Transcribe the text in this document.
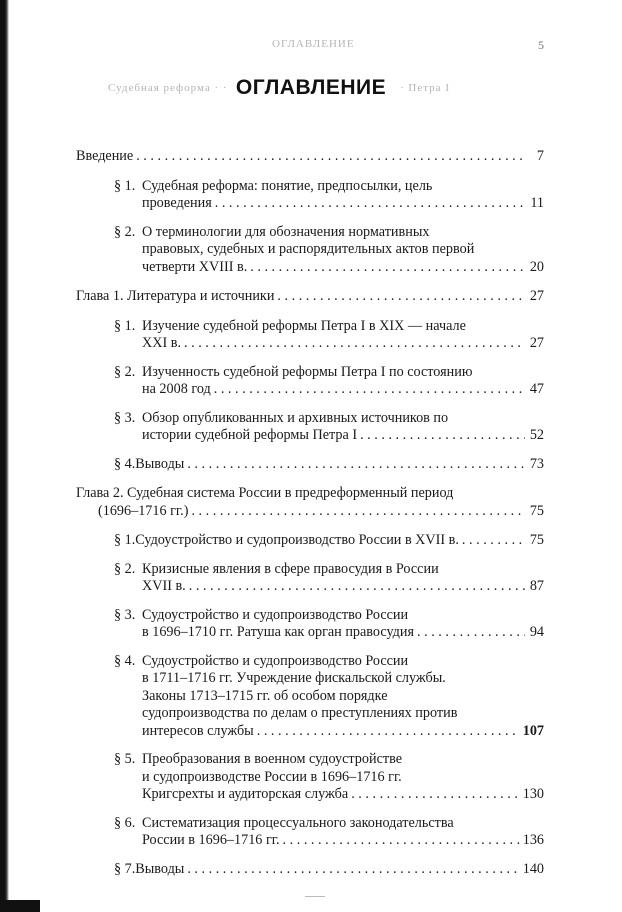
ОГЛАВЛЕНИЕ	5
Судебная реформа · ·	· Петра I
ОГЛАВЛЕНИЕ
Введение . . .	7
§ 1. Судебная реформа: понятие, предпосылки, цель
проведения . . .	11
§ 2. О терминологии для обозначения нормативных
правовых, судебных и распорядительных актов первой
четверти XVIII в. . . .	20
Глава 1. Литература и источники . . .	27
§ 1. Изучение судебной реформы Петра I в XIX — начале
XXI в. . . .	27
§ 2. Изученность судебной реформы Петра I по состоянию
на 2008 год . . .	47
§ 3. Обзор опубликованных и архивных источников по
истории судебной реформы Петра I . . .	52
§ 4. Выводы . . .	73
Глава 2. Судебная система России в предреформенный период
(1696–1716 гг.) . . .	75
§ 1. Судоустройство и судопроизводство России в XVII в. . . .	75
§ 2. Кризисные явления в сфере правосудия в России
XVII в. . . .	87
§ 3. Судоустройство и судопроизводство России
в 1696–1710 гг. Ратуша как орган правосудия . . .	94
§ 4. Судоустройство и судопроизводство России
в 1711–1716 гг. Учреждение фискальской службы.
Законы 1713–1715 гг. об особом порядке
судопроизводства по делам о преступлениях против
интересов службы . . .	107
§ 5. Преобразования в военном судоустройстве
и судопроизводстве России в 1696–1716 гг.
Кригсрехты и аудиторская служба . . .	130
§ 6. Систематизация процессуального законодательства
России в 1696–1716 гг. . . .	136
§ 7. Выводы . . .	140
